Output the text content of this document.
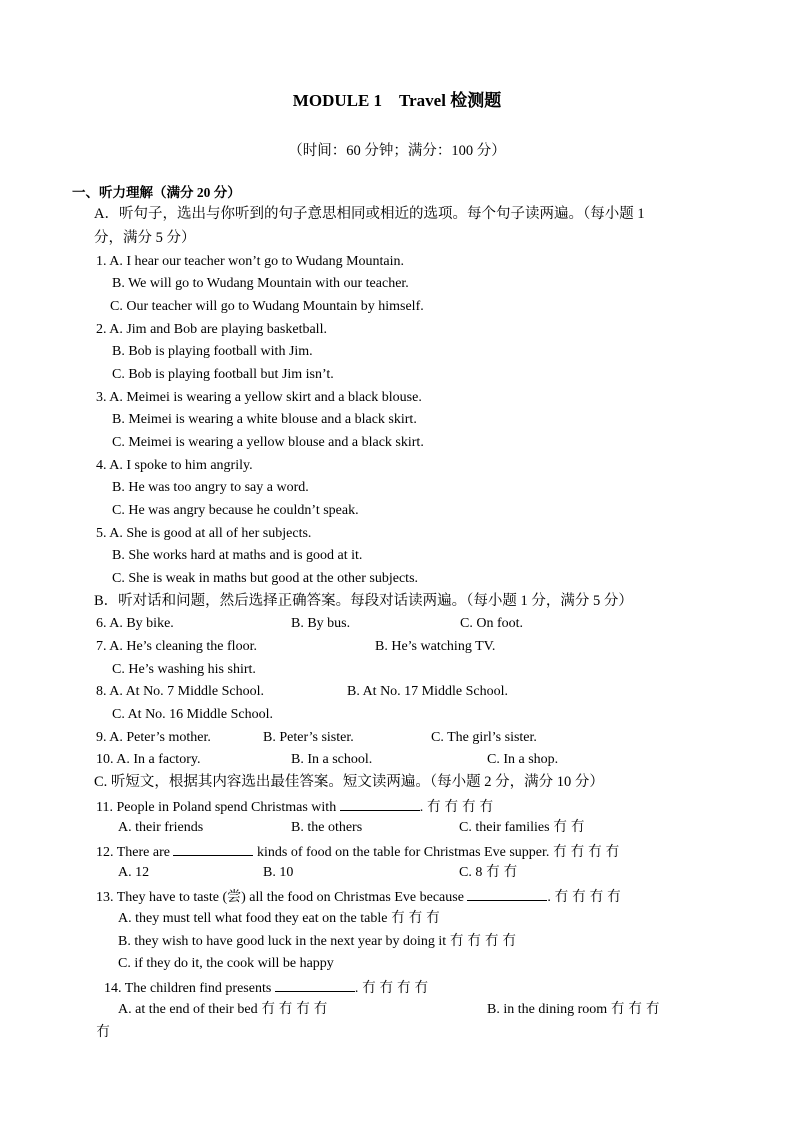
MODULE 1　Travel 检测题
（时间：60 分钟；满分：100 分）
一、听力理解（满分 20 分）
A．听句子，选出与你听到的句子意思相同或相近的选项。每个句子读两遍。（每小题 1
分，满分 5 分）
1. A. I hear our teacher won’t go to Wudang Mountain.
B. We will go to Wudang Mountain with our teacher.
C. Our teacher will go to Wudang Mountain by himself.
2. A. Jim and Bob are playing basketball.
B. Bob is playing football with Jim.
C. Bob is playing football but Jim isn’t.
3. A. Meimei is wearing a yellow skirt and a black blouse.
B. Meimei is wearing a white blouse and a black skirt.
C. Meimei is wearing a yellow blouse and a black skirt.
4. A. I spoke to him angrily.
B. He was too angry to say a word.
C. He was angry because he couldn’t speak.
5. A. She is good at all of her subjects.
B. She works hard at maths and is good at it.
C. She is weak in maths but good at the other subjects.
B．听对话和问题，然后选择正确答案。每段对话读两遍。（每小题 1 分，满分 5 分）
6. A. By bike.	B. By bus.	C. On foot.
7. A. He’s cleaning the floor.	B. He’s watching TV.
C. He’s washing his shirt.
8. A. At No. 7 Middle School.	B. At No. 17 Middle School.
C. At No. 16 Middle School.
9. A. Peter’s mother.	B. Peter’s sister.	C. The girl’s sister.
10. A. In a factory.	B. In a school.	C. In a shop.
C. 听短文，根据其内容选出最佳答案。短文读两遍。（每小题 2 分，满分 10 分）
11. People in Poland spend Christmas with	. 冇 冇 冇 冇
A. their friends	B. the others	C. their families 冇 冇
12. There are	kinds of food on the table for Christmas Eve supper. 冇 冇 冇 冇
A. 12	B. 10	C. 8 冇 冇
13. They have to taste (尝) all the food on Christmas Eve because	. 冇 冇 冇 冇
A. they must tell what food they eat on the table 冇 冇 冇
B. they wish to have good luck in the next year by doing it 冇 冇 冇 冇
C. if they do it, the cook will be happy
14. The children find presents	. 冇 冇 冇 冇
A. at the end of their bed 冇 冇 冇 冇	B. in the dining room 冇 冇 冇
冇
